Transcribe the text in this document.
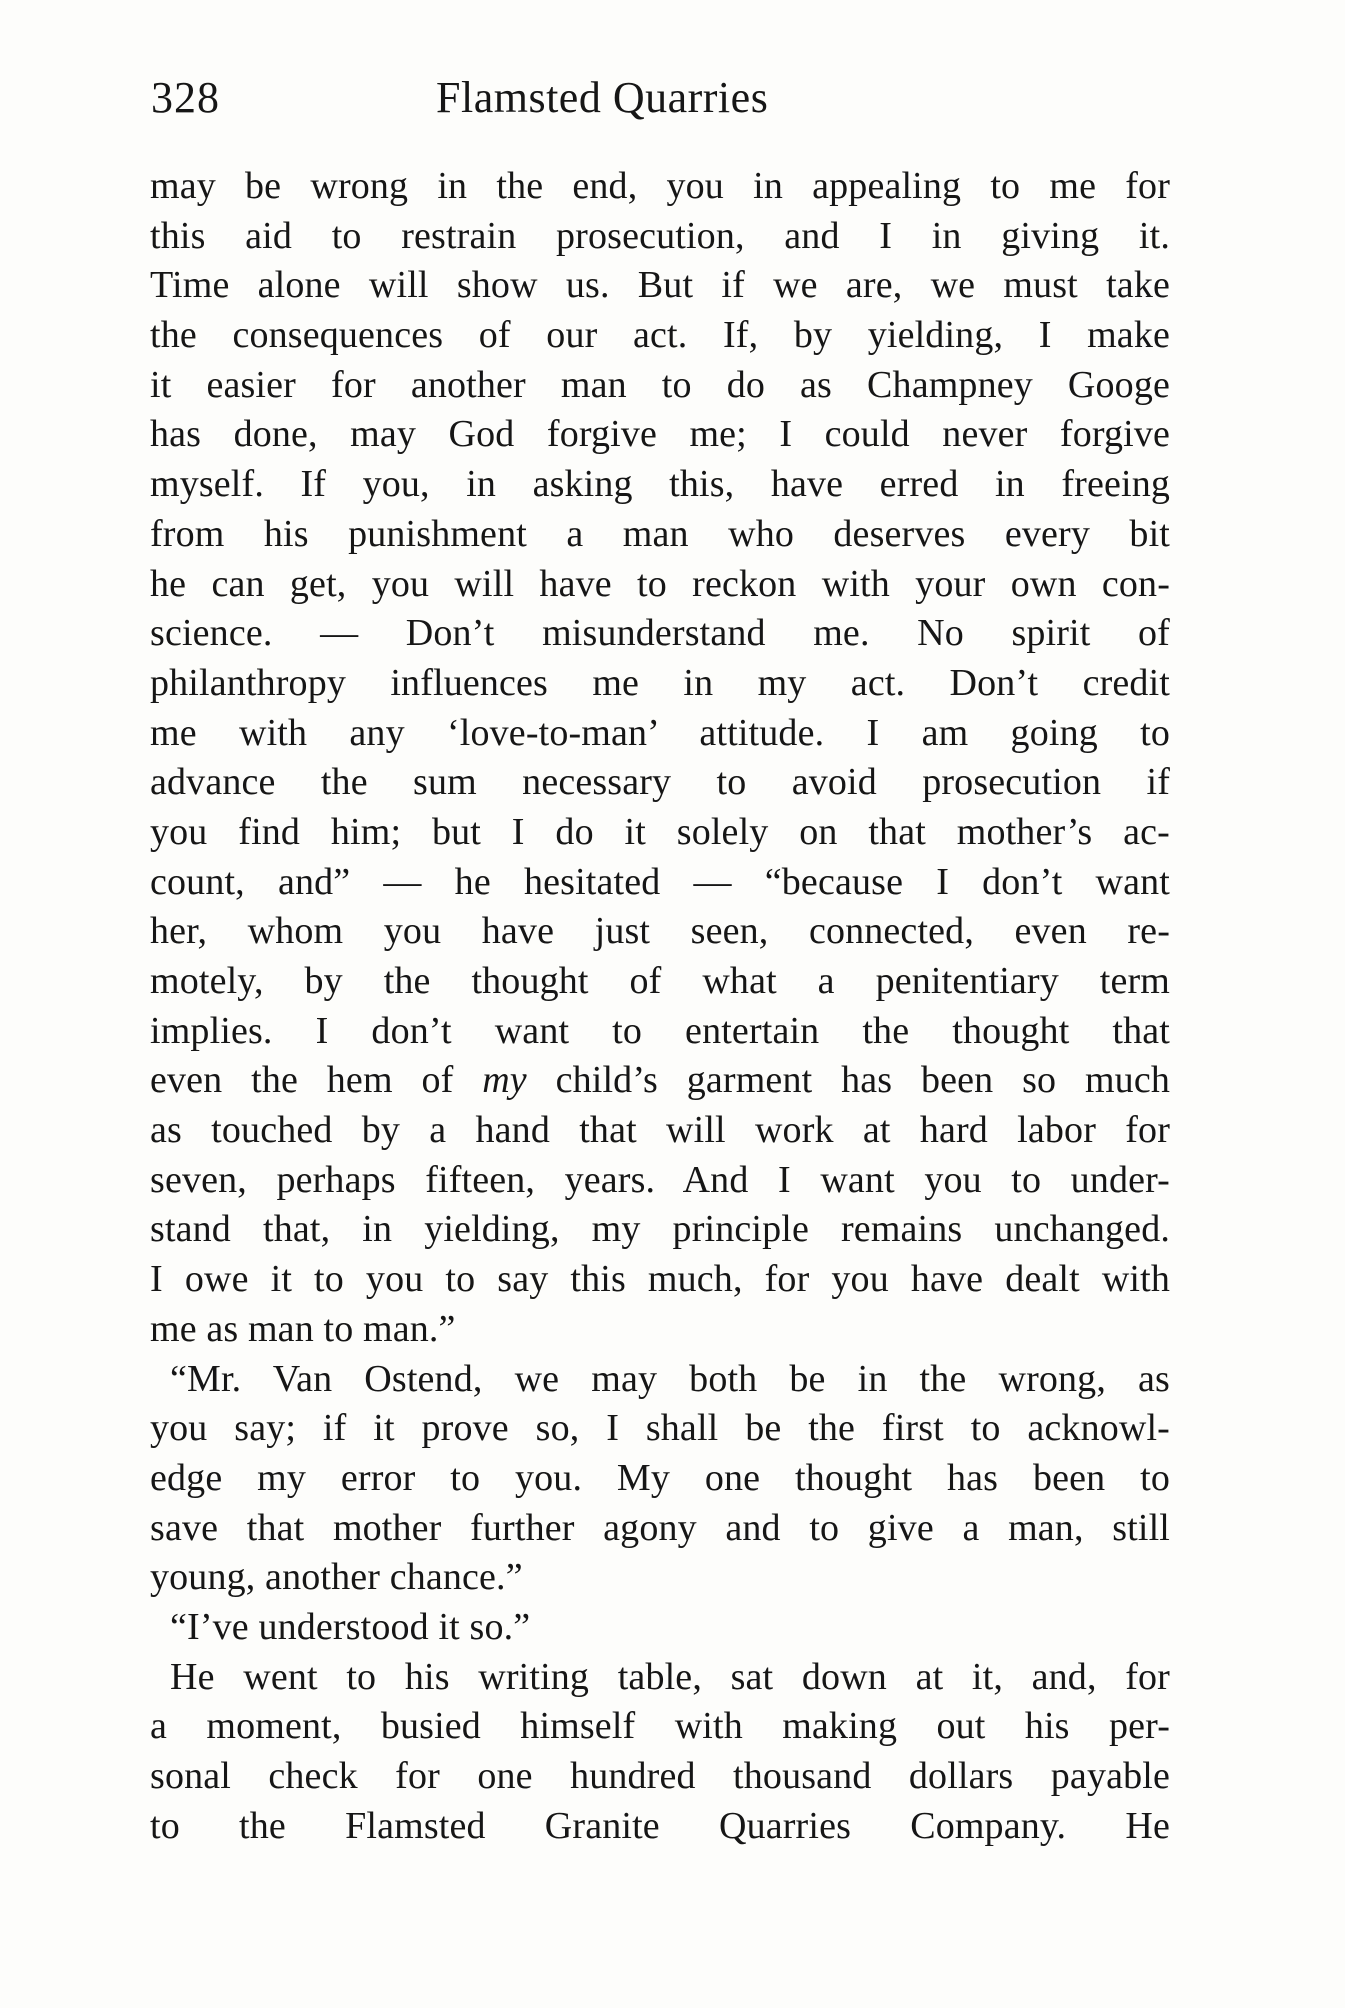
328	Flamsted Quarries
may be wrong in the end, you in appealing to me for
this aid to restrain prosecution, and I in giving it.
Time alone will show us. But if we are, we must take
the consequences of our act. If, by yielding, I make
it easier for another man to do as Champney Googe
has done, may God forgive me; I could never forgive
myself. If you, in asking this, have erred in freeing
from his punishment a man who deserves every bit
he can get, you will have to reckon with your own con-
science. — Don’t misunderstand me. No spirit of
philanthropy influences me in my act. Don’t credit
me with any ‘love-to-man’ attitude. I am going to
advance the sum necessary to avoid prosecution if
you find him; but I do it solely on that mother’s ac-
count, and” — he hesitated — “because I don’t want
her, whom you have just seen, connected, even re-
motely, by the thought of what a penitentiary term
implies. I don’t want to entertain the thought that
even the hem of my child’s garment has been so much
as touched by a hand that will work at hard labor for
seven, perhaps fifteen, years. And I want you to under-
stand that, in yielding, my principle remains unchanged.
I owe it to you to say this much, for you have dealt with
me as man to man.”
“Mr. Van Ostend, we may both be in the wrong, as
you say; if it prove so, I shall be the first to acknowl-
edge my error to you. My one thought has been to
save that mother further agony and to give a man, still
young, another chance.”
“I’ve understood it so.”
He went to his writing table, sat down at it, and, for
a moment, busied himself with making out his per-
sonal check for one hundred thousand dollars payable
to the Flamsted Granite Quarries Company. He
